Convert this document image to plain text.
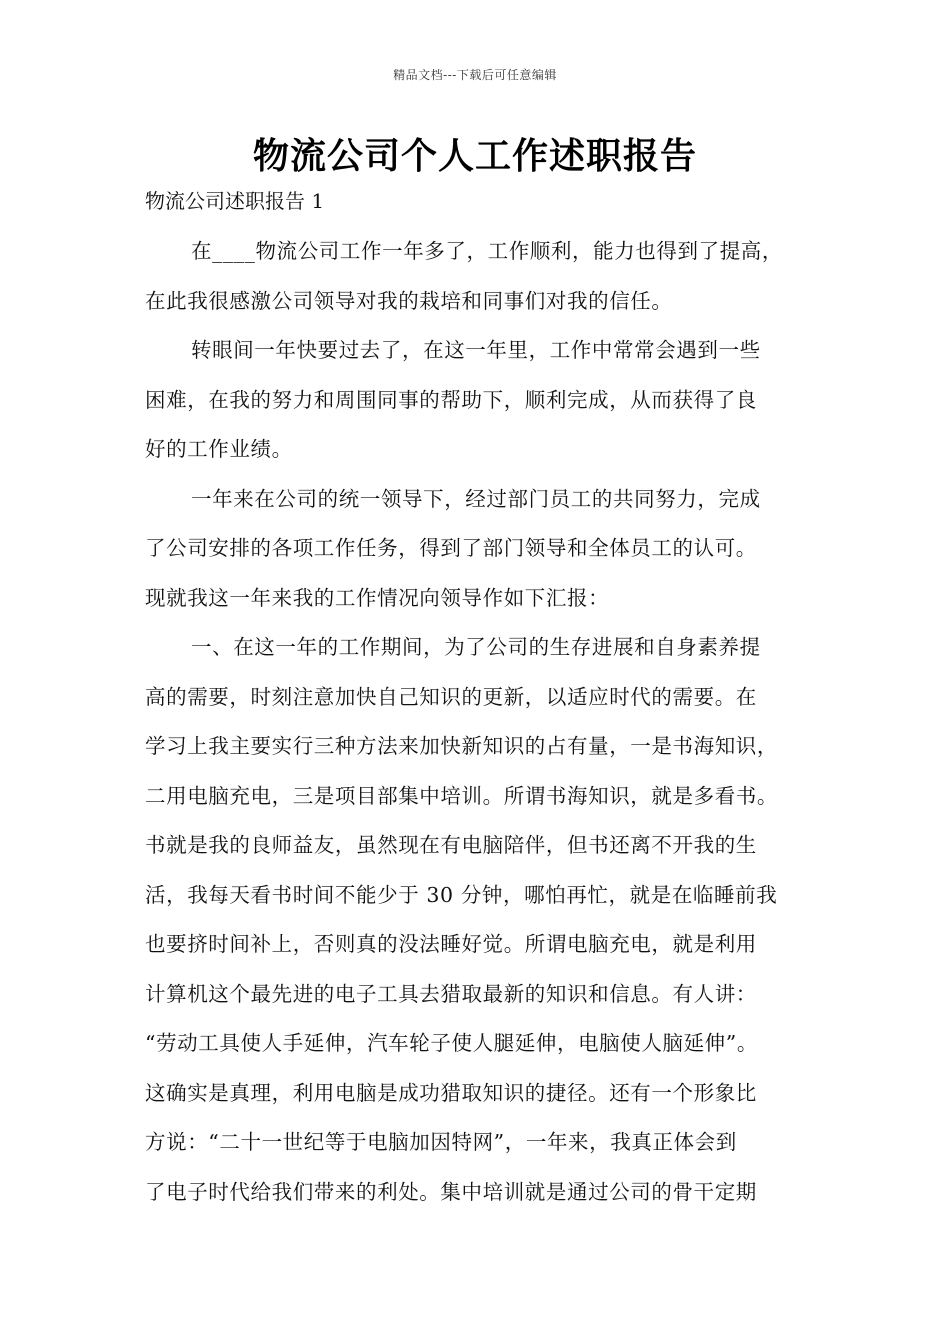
精品文档---下载后可任意编辑
物流公司个人工作述职报告
物流公司述职报告 1
在____物流公司工作一年多了，工作顺利，能力也得到了提高，
在此我很感激公司领导对我的栽培和同事们对我的信任。
转眼间一年快要过去了，在这一年里，工作中常常会遇到一些
困难，在我的努力和周围同事的帮助下，顺利完成，从而获得了良
好的工作业绩。
一年来在公司的统一领导下，经过部门员工的共同努力，完成
了公司安排的各项工作任务，得到了部门领导和全体员工的认可。
现就我这一年来我的工作情况向领导作如下汇报：
一、在这一年的工作期间，为了公司的生存进展和自身素养提
高的需要，时刻注意加快自己知识的更新，以适应时代的需要。在
学习上我主要实行三种方法来加快新知识的占有量，一是书海知识，
二用电脑充电，三是项目部集中培训。所谓书海知识，就是多看书。
书就是我的良师益友，虽然现在有电脑陪伴，但书还离不开我的生
活，我每天看书时间不能少于 30 分钟，哪怕再忙，就是在临睡前我
也要挤时间补上，否则真的没法睡好觉。所谓电脑充电，就是利用
计算机这个最先进的电子工具去猎取最新的知识和信息。有人讲：
“劳动工具使人手延伸，汽车轮子使人腿延伸，电脑使人脑延伸”。
这确实是真理，利用电脑是成功猎取知识的捷径。还有一个形象比
方说：“二十一世纪等于电脑加因特网”，一年来，我真正体会到
了电子时代给我们带来的利处。集中培训就是通过公司的骨干定期
